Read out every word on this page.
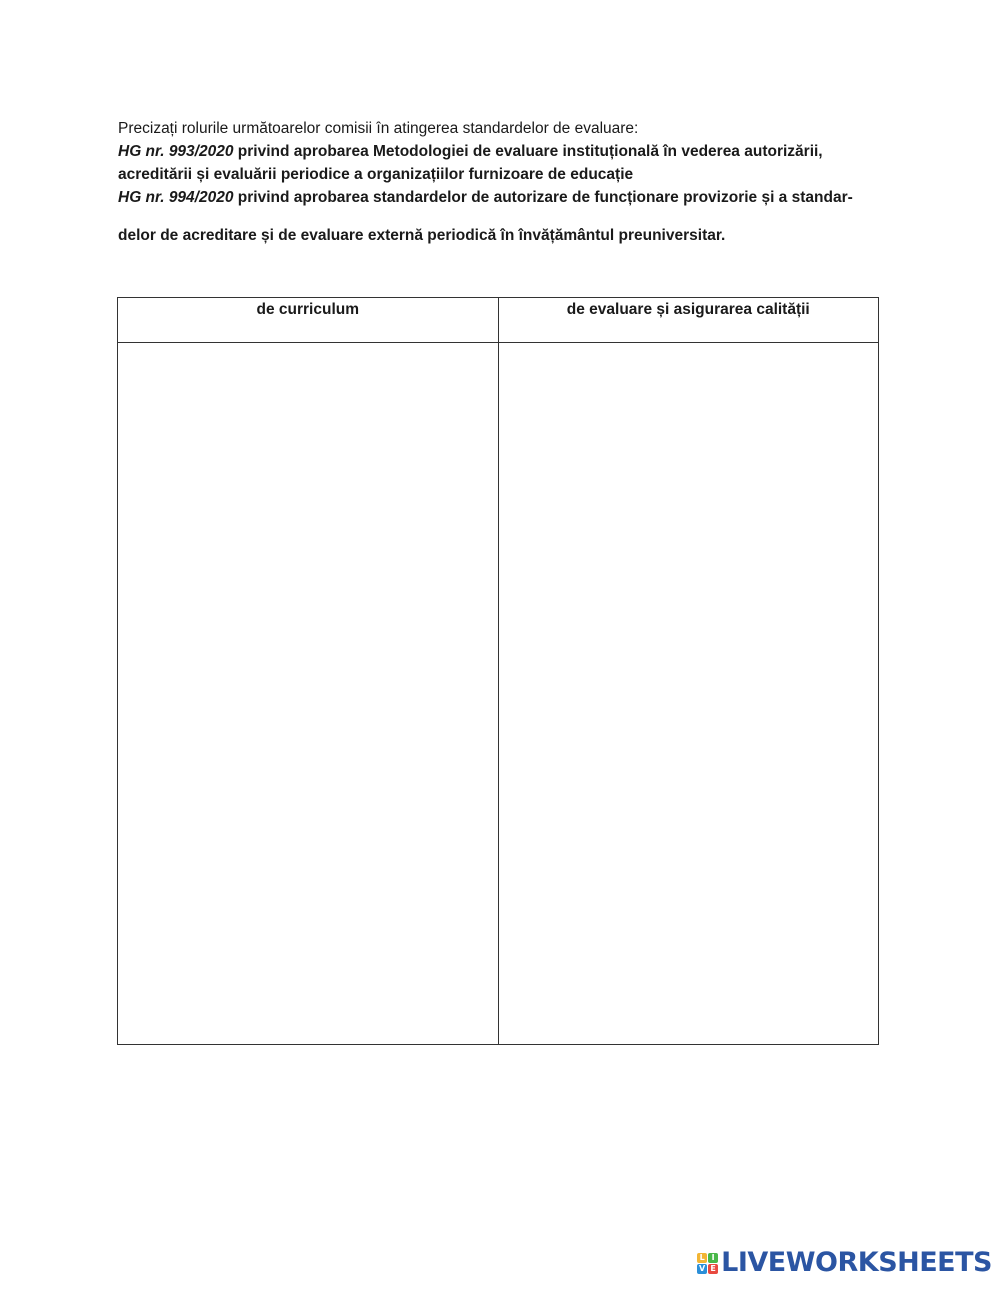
Precizați rolurile următoarelor comisii în atingerea standardelor de evaluare:

HG nr. 993/2020 privind aprobarea Metodologiei de evaluare instituțională în vederea autorizării,
acreditării și evaluării periodice a organizațiilor furnizoare de educație

HG nr. 994/2020 privind aprobarea standardelor de autorizare de funcționare provizorie și a standar-
delor de acreditare și de evaluare externă periodică în învățământul preuniversitar.

de curriculum	de evaluare și asigurarea calității

L I
V E LIVEWORKSHEETS
